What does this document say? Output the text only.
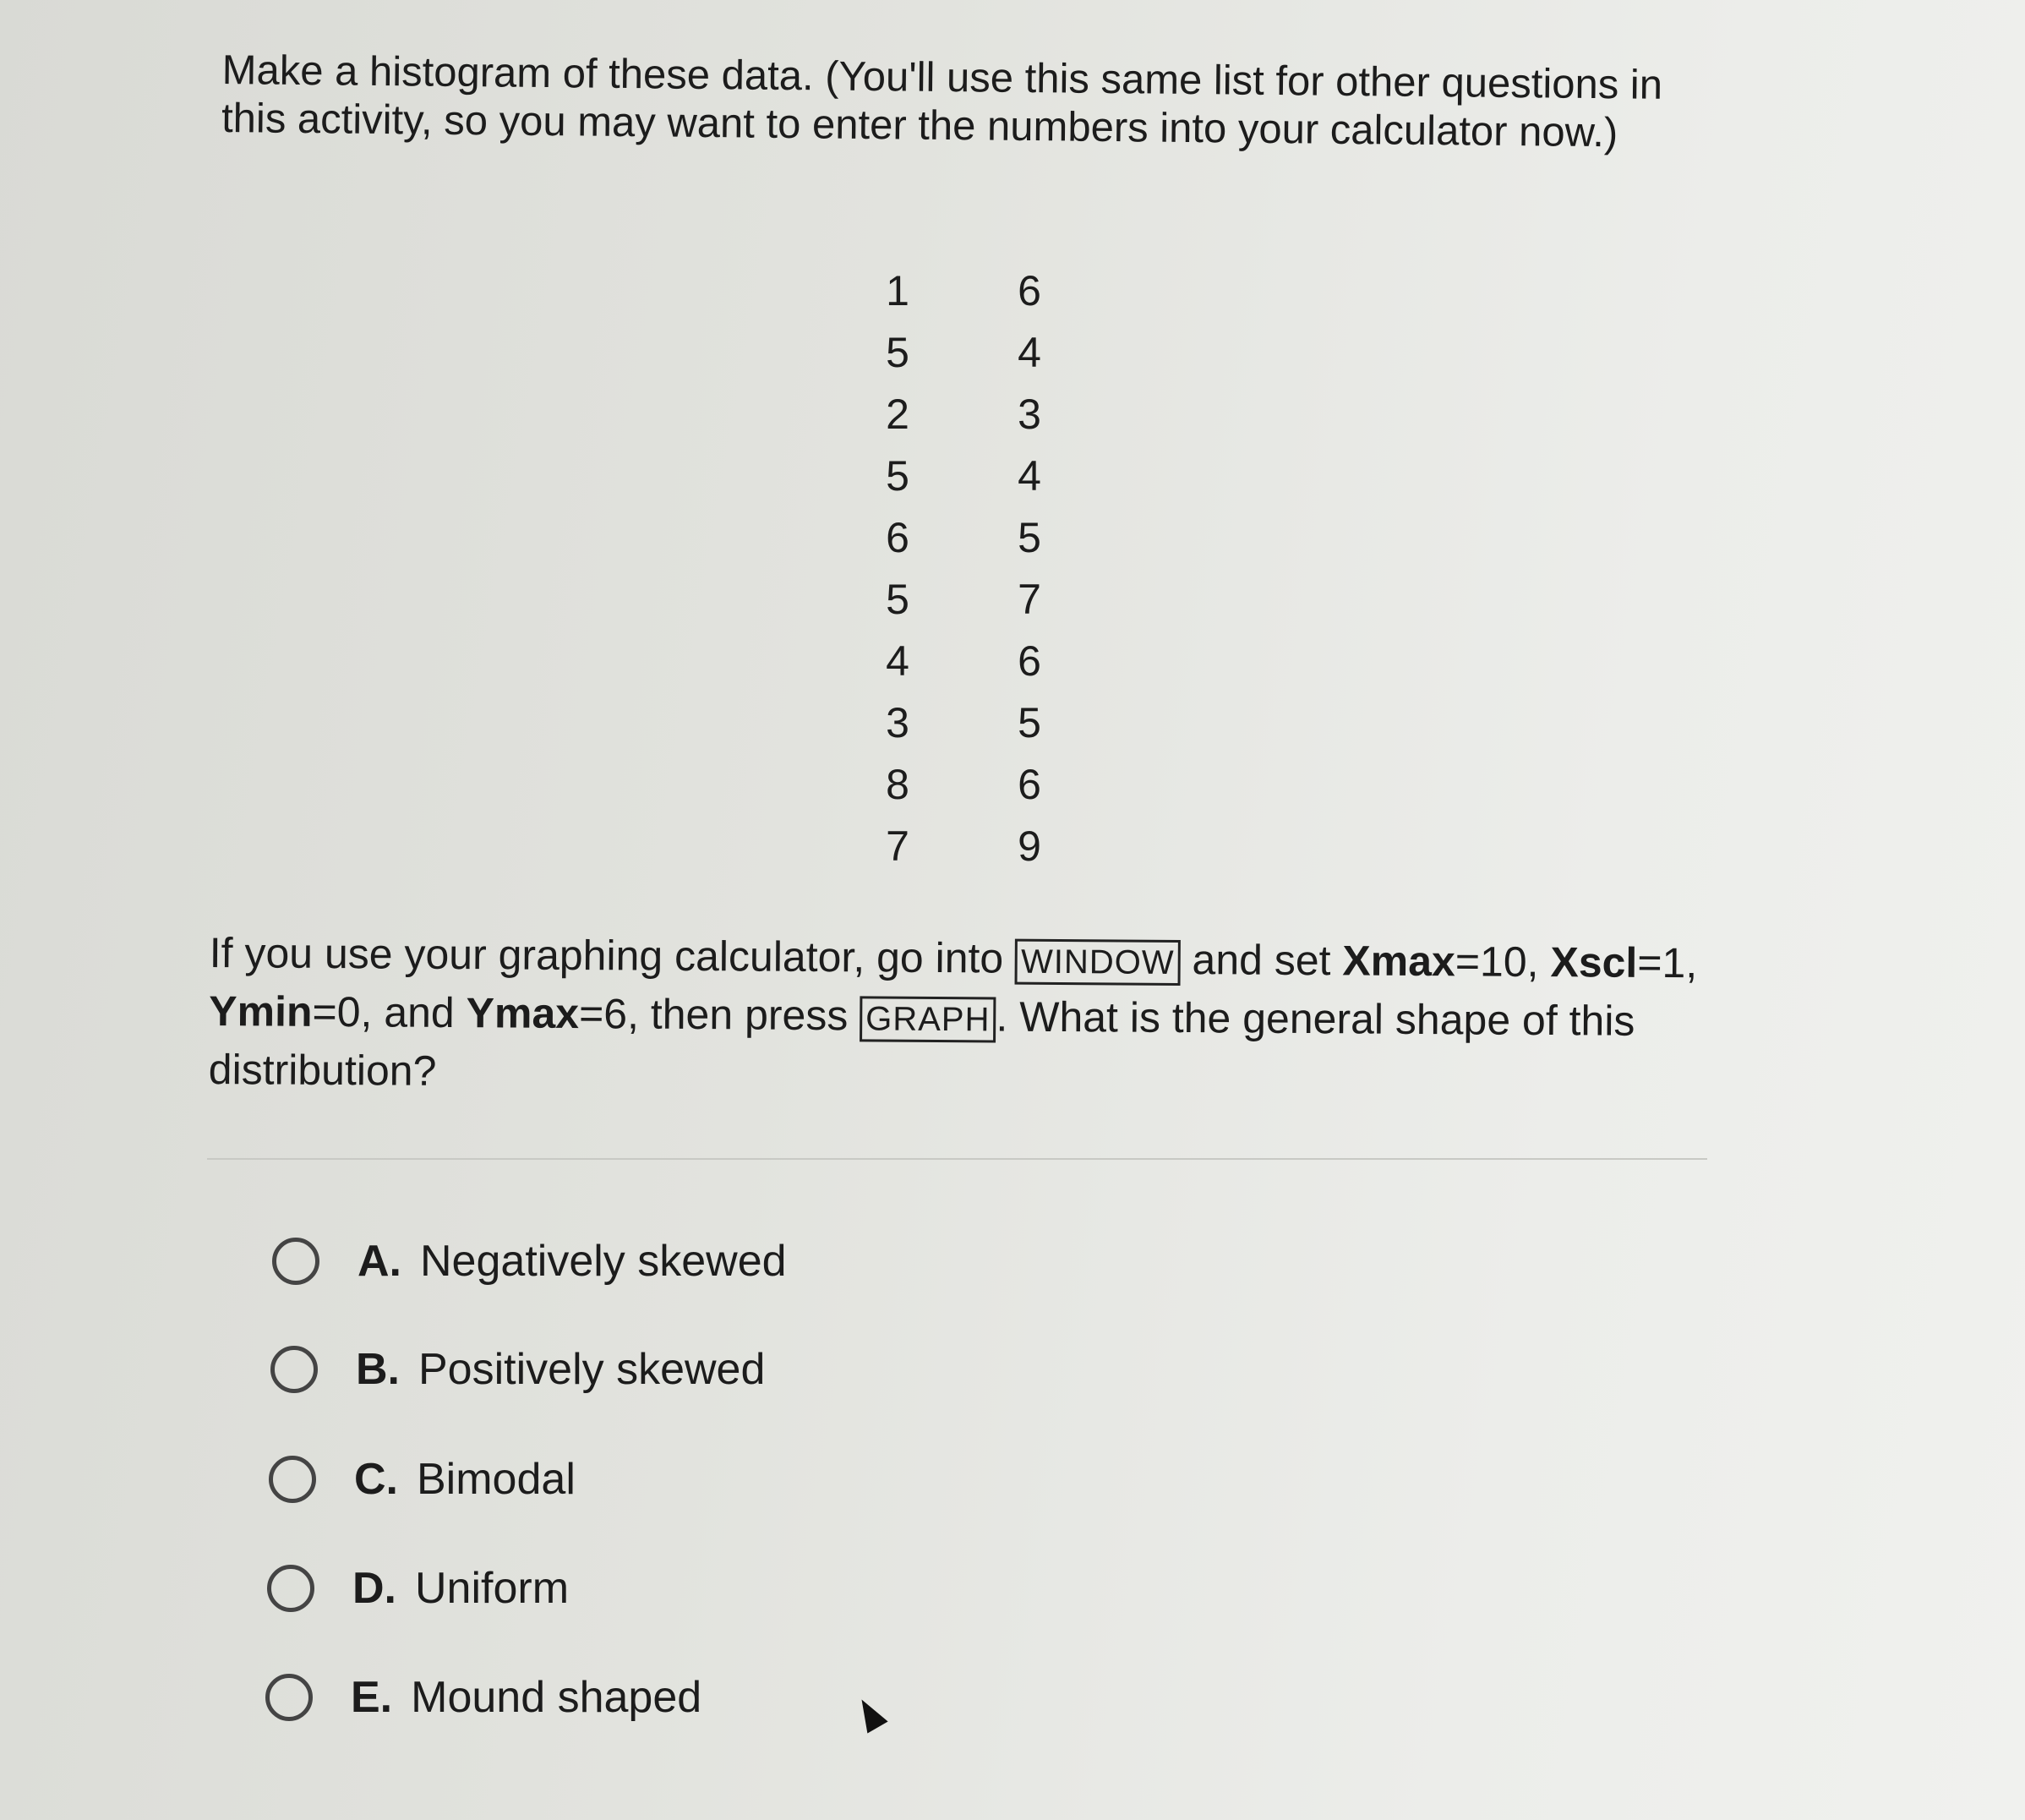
Make a histogram of these data. (You'll use this same list for other questions in this activity, so you may want to enter the numbers into your calculator now.)
1
5
2
5
6
5
4
3
8
7
6
4
3
4
5
7
6
5
6
9
If you use your graphing calculator, go into WINDOW and set Xmax=10, Xscl=1, Ymin=0, and Ymax=6, then press GRAPH . What is the general shape of this distribution?
A. Negatively skewed
B. Positively skewed
C. Bimodal
D. Uniform
E. Mound shaped
